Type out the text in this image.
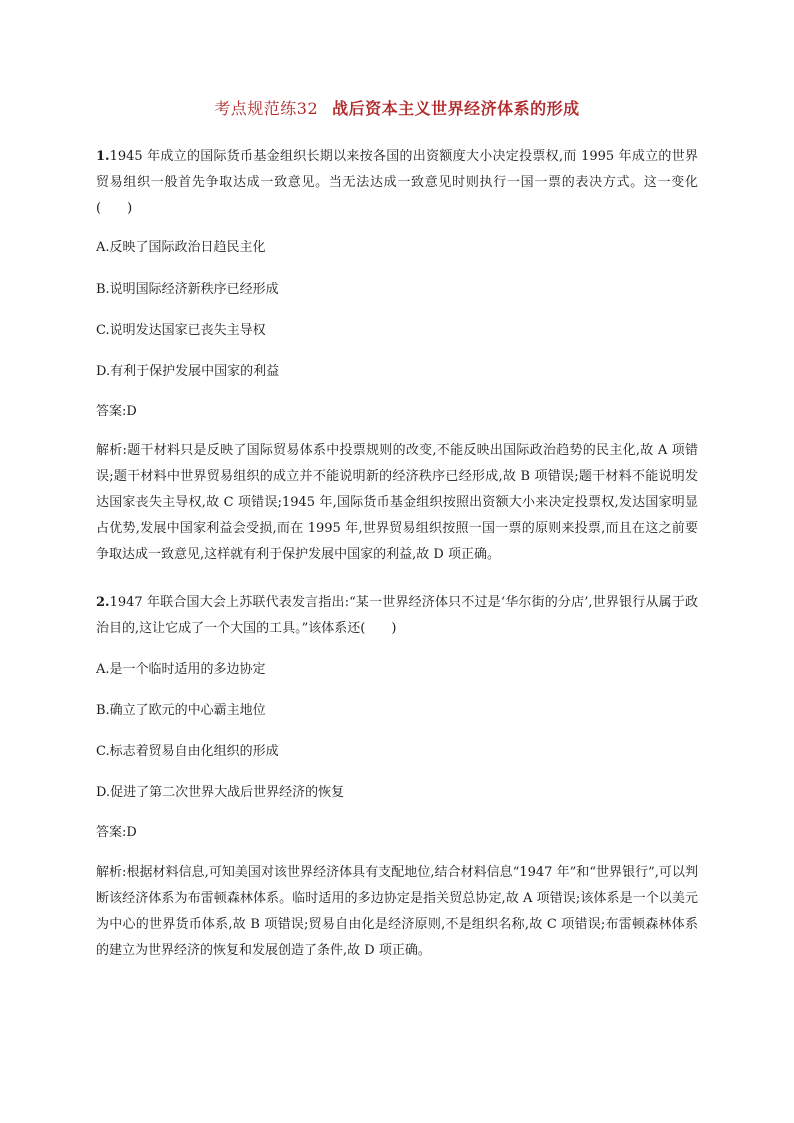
考点规范练32 战后资本主义世界经济体系的形成
1.1945 年成立的国际货币基金组织长期以来按各国的出资额度大小决定投票权,而 1995 年成立的世界贸易组织一般首先争取达成一致意见。当无法达成一致意见时则执行一国一票的表决方式。这一变化(　　)
A.反映了国际政治日趋民主化
B.说明国际经济新秩序已经形成
C.说明发达国家已丧失主导权
D.有利于保护发展中国家的利益
答案:D
解析:题干材料只是反映了国际贸易体系中投票规则的改变,不能反映出国际政治趋势的民主化,故 A 项错误;题干材料中世界贸易组织的成立并不能说明新的经济秩序已经形成,故 B 项错误;题干材料不能说明发达国家丧失主导权,故 C 项错误;1945 年,国际货币基金组织按照出资额大小来决定投票权,发达国家明显占优势,发展中国家利益会受损,而在 1995 年,世界贸易组织按照一国一票的原则来投票,而且在这之前要争取达成一致意见,这样就有利于保护发展中国家的利益,故 D 项正确。
2.1947 年联合国大会上苏联代表发言指出:“某一世界经济体只不过是‘华尔街的分店’,世界银行从属于政治目的,这让它成了一个大国的工具。”该体系还(　　)
A.是一个临时适用的多边协定
B.确立了欧元的中心霸主地位
C.标志着贸易自由化组织的形成
D.促进了第二次世界大战后世界经济的恢复
答案:D
解析:根据材料信息,可知美国对该世界经济体具有支配地位,结合材料信息“1947 年”和“世界银行”,可以判断该经济体系为布雷顿森林体系。临时适用的多边协定是指关贸总协定,故 A 项错误;该体系是一个以美元为中心的世界货币体系,故 B 项错误;贸易自由化是经济原则,不是组织名称,故 C 项错误;布雷顿森林体系的建立为世界经济的恢复和发展创造了条件,故 D 项正确。
